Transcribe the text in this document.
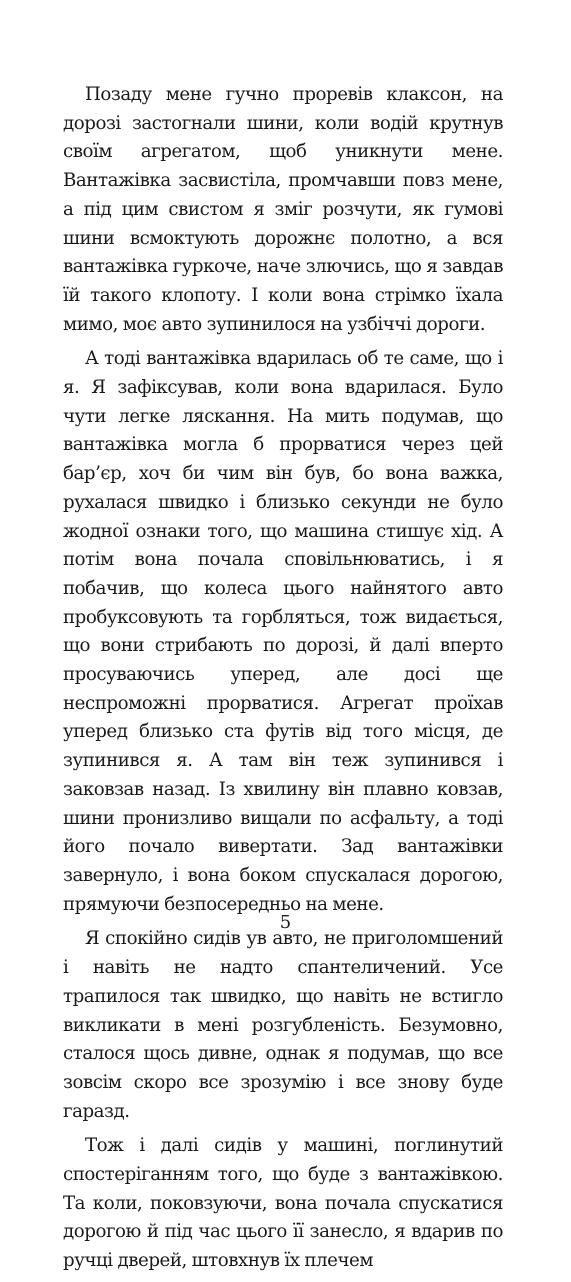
Позаду мене гучно проревів клаксон, на дорозі застогнали шини, коли водій крутнув своїм агрегатом, щоб уникнути мене. Вантажівка засвистіла, промчавши повз мене, а під цим свистом я зміг розчути, як гумові шини всмоктують дорожнє полотно, а вся вантажівка гуркоче, наче злючись, що я завдав їй такого клопоту. І коли вона стрімко їхала мимо, моє авто зупинилося на узбіччі дороги.

А тоді вантажівка вдарилась об те саме, що і я. Я зафіксував, коли вона вдарилася. Було чути легке ляскання. На мить подумав, що вантажівка могла б прорватися через цей бар’єр, хоч би чим він був, бо вона важка, рухалася швидко і близько секунди не було жодної ознаки того, що машина стишує хід. А потім вона почала сповільнюватись, і я побачив, що колеса цього найнятого авто пробуксовують та горбляться, тож видається, що вони стрибають по дорозі, й далі вперто просуваючись уперед, але досі ще неспроможні прорватися. Агрегат проїхав уперед близько ста футів від того місця, де зупинився я. А там він теж зупинився і заковзав назад. Із хвилину він плавно ковзав, шини пронизливо вищали по асфальту, а тоді його почало вивертати. Зад вантажівки завернуло, і вона боком спускалася дорогою, прямуючи безпосередньо на мене.

Я спокійно сидів ув авто, не приголомшений і навіть не надто спантеличений. Усе трапилося так швидко, що навіть не встигло викликати в мені розгубленість. Безумовно, сталося щось дивне, однак я подумав, що все зовсім скоро все зрозумію і все знову буде гаразд.

Тож і далі сидів у машині, поглинутий спостеріганням того, що буде з вантажівкою. Та коли, поковзуючи, вона почала спускатися дорогою й під час цього її занесло, я вдарив по ручці дверей, штовхнув їх плечем

5
